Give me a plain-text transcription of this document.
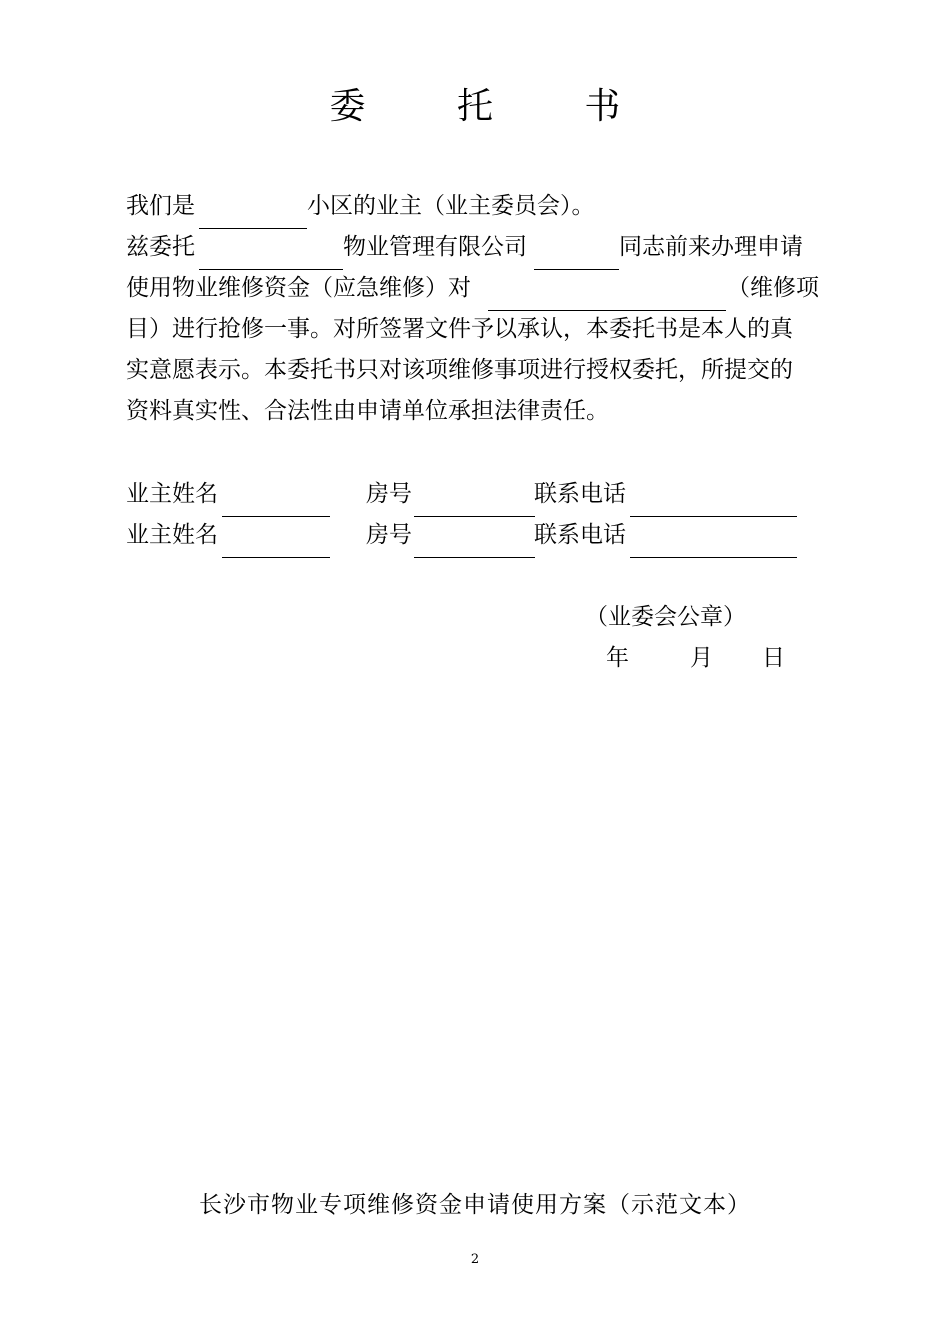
委 托 书
我们是	小区的业主（业主委员会）。
兹委托	物业管理有限公司	同志前来办理申请
使用物业维修资金（应急维修）对	（维修项
目）进行抢修一事。对所签署文件予以承认，本委托书是本人的真
实意愿表示。本委托书只对该项维修事项进行授权委托，所提交的
资料真实性、合法性由申请单位承担法律责任。
业主姓名	房号	联系电话
业主姓名	房号	联系电话
（业委会公章）
年	月 日
长沙市物业专项维修资金申请使用方案（示范文本）
2
